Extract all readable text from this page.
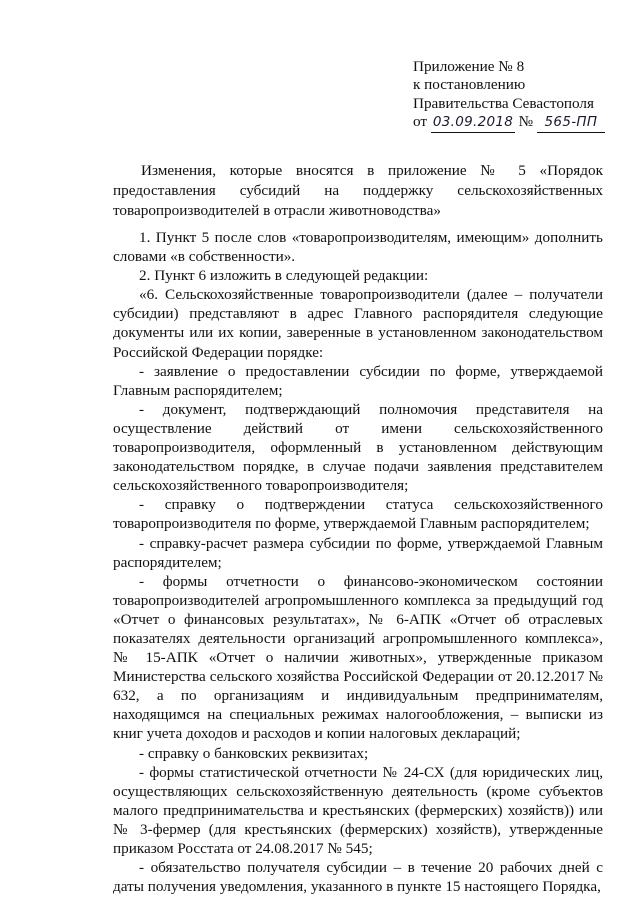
Приложение № 8
к постановлению
Правительства Севастополя
от 03.09.2018 № 565-ПП
Изменения, которые вносятся в приложение № 5 «Порядок
предоставления субсидий на поддержку сельскохозяйственных
товаропроизводителей в отрасли животноводства»

1. Пункт 5 после слов «товаропроизводителям, имеющим» дополнить словами «в собственности».

2. Пункт 6 изложить в следующей редакции:

«6. Сельскохозяйственные товаропроизводители (далее – получатели субсидии) представляют в адрес Главного распорядителя следующие документы или их копии, заверенные в установленном законодательством Российской Федерации порядке:

- заявление о предоставлении субсидии по форме, утверждаемой Главным распорядителем;

- документ, подтверждающий полномочия представителя на осуществление действий от имени сельскохозяйственного товаропроизводителя, оформленный в установленном действующим законодательством порядке, в случае подачи заявления представителем сельскохозяйственного товаропроизводителя;

- справку о подтверждении статуса сельскохозяйственного товаропроизводителя по форме, утверждаемой Главным распорядителем;

- справку-расчет размера субсидии по форме, утверждаемой Главным распорядителем;

- формы отчетности о финансово-экономическом состоянии товаропроизводителей агропромышленного комплекса за предыдущий год «Отчет о финансовых результатах», № 6-АПК «Отчет об отраслевых показателях деятельности организаций агропромышленного комплекса», № 15-АПК «Отчет о наличии животных», утвержденные приказом Министерства сельского хозяйства Российской Федерации от 20.12.2017 № 632, а по организациям и индивидуальным предпринимателям, находящимся на специальных режимах налогообложения, – выписки из книг учета доходов и расходов и копии налоговых деклараций;

- справку о банковских реквизитах;

- формы статистической отчетности № 24-СХ (для юридических лиц, осуществляющих сельскохозяйственную деятельность (кроме субъектов малого предпринимательства и крестьянских (фермерских) хозяйств)) или № 3-фермер (для крестьянских (фермерских) хозяйств), утвержденные приказом Росстата от 24.08.2017 № 545;

- обязательство получателя субсидии – в течение 20 рабочих дней с даты получения уведомления, указанного в пункте 15 настоящего Порядка,
